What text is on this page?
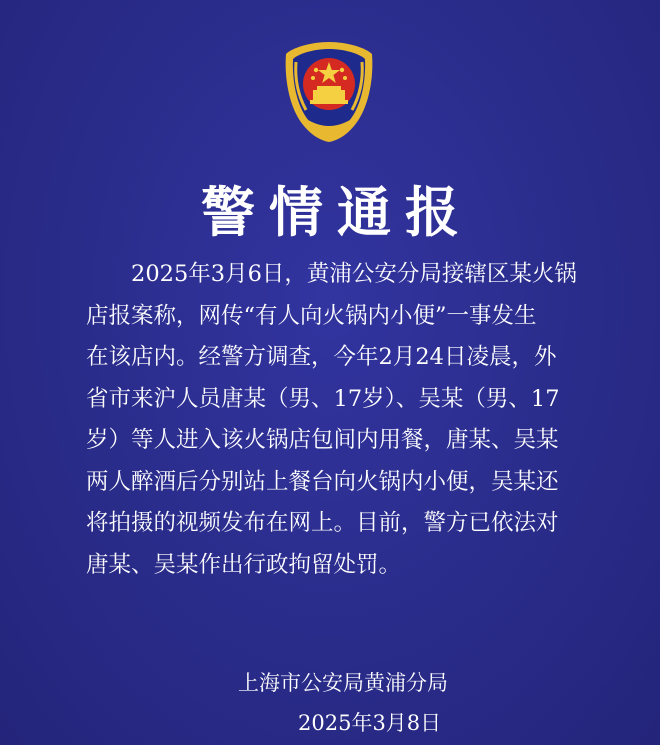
警情通报
2025年3月6日，黄浦公安分局接辖区某火锅
店报案称，网传“有人向火锅内小便”一事发生
在该店内。经警方调查，今年2月24日凌晨，外
省市来沪人员唐某（男、17岁）、吴某（男、17
岁）等人进入该火锅店包间内用餐，唐某、吴某
两人醉酒后分别站上餐台向火锅内小便，吴某还
将拍摄的视频发布在网上。目前，警方已依法对
唐某、吴某作出行政拘留处罚。
上海市公安局黄浦分局
2025年3月8日
